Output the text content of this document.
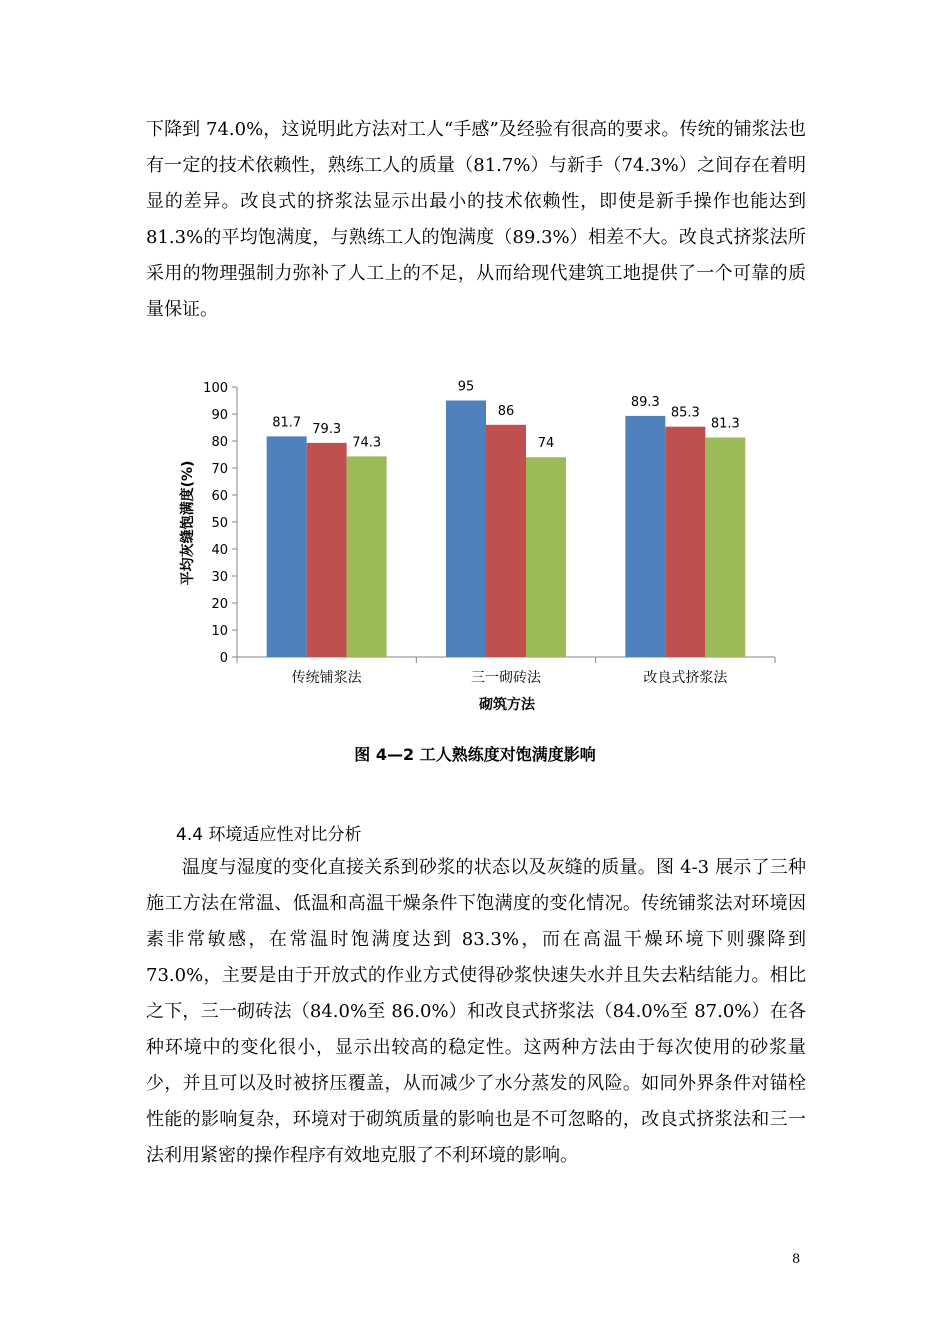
下降到 74.0%，这说明此方法对工人“手感”及经验有很高的要求。传统的铺浆法也有一定的技术依赖性，熟练工人的质量（81.7%）与新手（74.3%）之间存在着明显的差异。改良式的挤浆法显示出最小的技术依赖性，即使是新手操作也能达到 81.3%的平均饱满度，与熟练工人的饱满度（89.3%）相差不大。改良式挤浆法所采用的物理强制力弥补了人工上的不足，从而给现代建筑工地提供了一个可靠的质量保证。
0
10
20
30
40
50
60
70
80
90
100
传统铺浆法	三一砌砖法	改良式挤浆法
81.7 79.3
74.3
95
86
74
89.3
85.3
81.3
平均灰缝饱满度(%)
砌筑方法
图 4—2 工人熟练度对饱满度影响
4.4 环境适应性对比分析
温度与湿度的变化直接关系到砂浆的状态以及灰缝的质量。图 4-3 展示了三种施工方法在常温、低温和高温干燥条件下饱满度的变化情况。传统铺浆法对环境因素非常敏感，在常温时饱满度达到 83.3%，而在高温干燥环境下则骤降到 73.0%，主要是由于开放式的作业方式使得砂浆快速失水并且失去粘结能力。相比之下，三一砌砖法（84.0%至 86.0%）和改良式挤浆法（84.0%至 87.0%）在各种环境中的变化很小，显示出较高的稳定性。这两种方法由于每次使用的砂浆量少，并且可以及时被挤压覆盖，从而减少了水分蒸发的风险。如同外界条件对锚栓性能的影响复杂，环境对于砌筑质量的影响也是不可忽略的，改良式挤浆法和三一法利用紧密的操作程序有效地克服了不利环境的影响。
8
